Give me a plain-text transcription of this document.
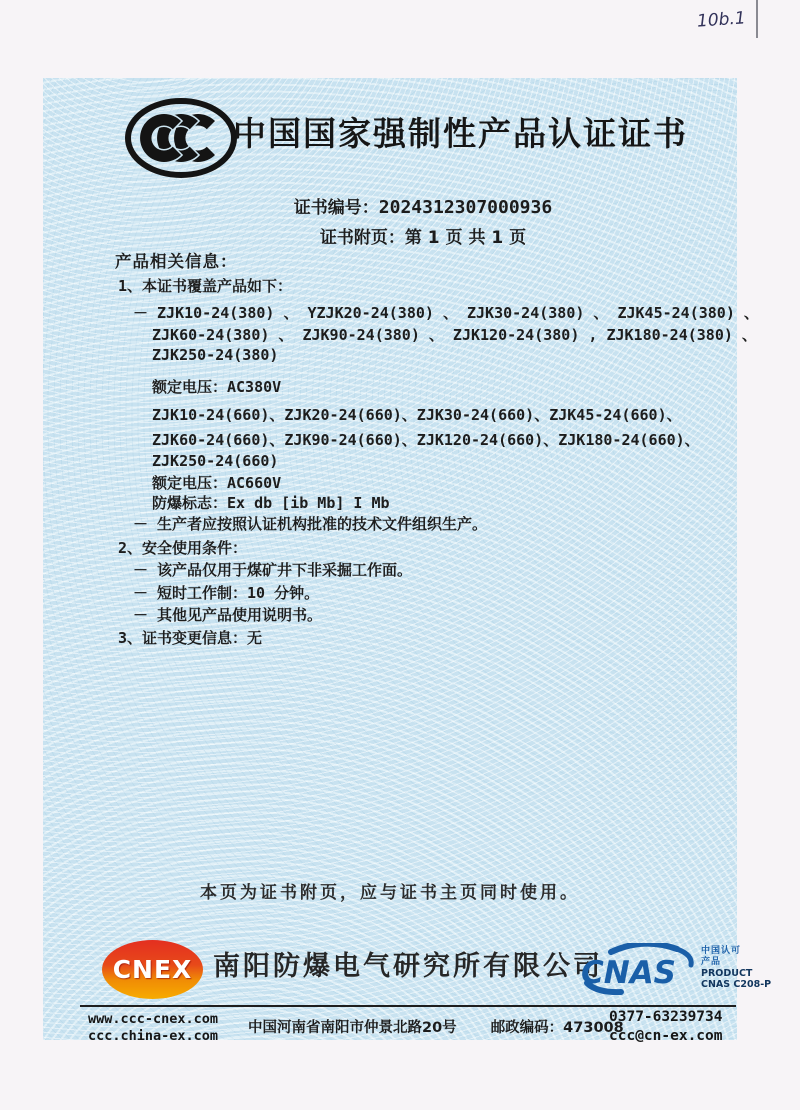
10b.1
中国国家强制性产品认证证书
证书编号：2024312307000936
证书附页：第 1 页 共 1 页
产品相关信息：
1、本证书覆盖产品如下：
－ ZJK10-24(380) 、 YZJK20-24(380) 、 ZJK30-24(380) 、 ZJK45-24(380) 、
ZJK60-24(380) 、 ZJK90-24(380) 、 ZJK120-24(380) , ZJK180-24(380) 、
ZJK250-24(380)
额定电压：AC380V
ZJK10-24(660)、ZJK20-24(660)、ZJK30-24(660)、ZJK45-24(660)、
ZJK60-24(660)、ZJK90-24(660)、ZJK120-24(660)、ZJK180-24(660)、
ZJK250-24(660)
额定电压：AC660V
防爆标志：Ex db [ib Mb] I Mb
－ 生产者应按照认证机构批准的技术文件组织生产。
2、安全使用条件：
－ 该产品仅用于煤矿井下非采掘工作面。
－ 短时工作制：10 分钟。
－ 其他见产品使用说明书。
3、证书变更信息：无
本页为证书附页，应与证书主页同时使用。
CNEX 南阳防爆电气研究所有限公司
CNAS
中国认可
产品
PRODUCT
CNAS C208-P
www.ccc-cnex.com
ccc.china-ex.com 中国河南省南阳市仲景北路20号 邮政编码：473008
0377-63239734
ccc@cn-ex.com
